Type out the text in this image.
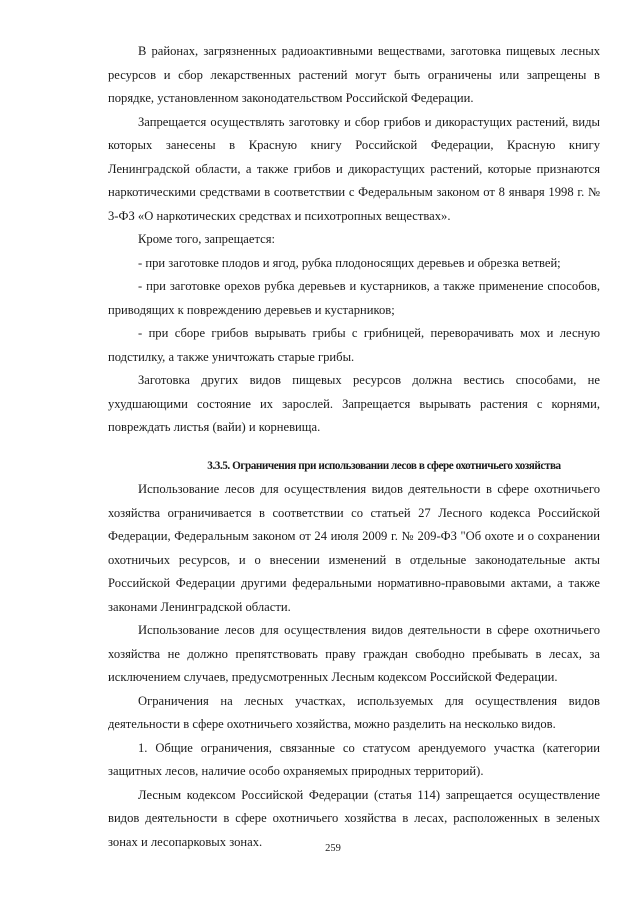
В районах, загрязненных радиоактивными веществами, заготовка пищевых лесных ресурсов и сбор лекарственных растений могут быть ограничены или запрещены в порядке, установленном законодательством Российской Федерации.

Запрещается осуществлять заготовку и сбор грибов и дикорастущих растений, виды которых занесены в Красную книгу Российской Федерации, Красную книгу Ленинградской области, а также грибов и дикорастущих растений, которые признаются наркотическими средствами в соответствии с Федеральным законом от 8 января 1998 г. № 3-ФЗ «О наркотических средствах и психотропных веществах».

Кроме того, запрещается:

- при заготовке плодов и ягод, рубка плодоносящих деревьев и обрезка ветвей;

- при заготовке орехов рубка деревьев и кустарников, а также применение способов, приводящих к повреждению деревьев и кустарников;

- при сборе грибов вырывать грибы с грибницей, переворачивать мох и лесную подстилку, а также уничтожать старые грибы.

Заготовка других видов пищевых ресурсов должна вестись способами, не ухудшающими состояние их зарослей. Запрещается вырывать растения с корнями, повреждать листья (вайи) и корневища.

3.3.5. Ограничения при использовании лесов в сфере охотничьего хозяйства

Использование лесов для осуществления видов деятельности в сфере охотничьего хозяйства ограничивается в соответствии со статьей 27 Лесного кодекса Российской Федерации, Федеральным законом от 24 июля 2009 г. № 209-ФЗ "Об охоте и о сохранении охотничьих ресурсов, и о внесении изменений в отдельные законодательные акты Российской Федерации другими федеральными нормативно-правовыми актами, а также законами Ленинградской области.

Использование лесов для осуществления видов деятельности в сфере охотничьего хозяйства не должно препятствовать праву граждан свободно пребывать в лесах, за исключением случаев, предусмотренных Лесным кодексом Российской Федерации.

Ограничения на лесных участках, используемых для осуществления видов деятельности в сфере охотничьего хозяйства, можно разделить на несколько видов.

1. Общие ограничения, связанные со статусом арендуемого участка (категории защитных лесов, наличие особо охраняемых природных территорий).

Лесным кодексом Российской Федерации (статья 114) запрещается осуществление видов деятельности в сфере охотничьего хозяйства в лесах, расположенных в зеленых зонах и лесопарковых зонах.	259
